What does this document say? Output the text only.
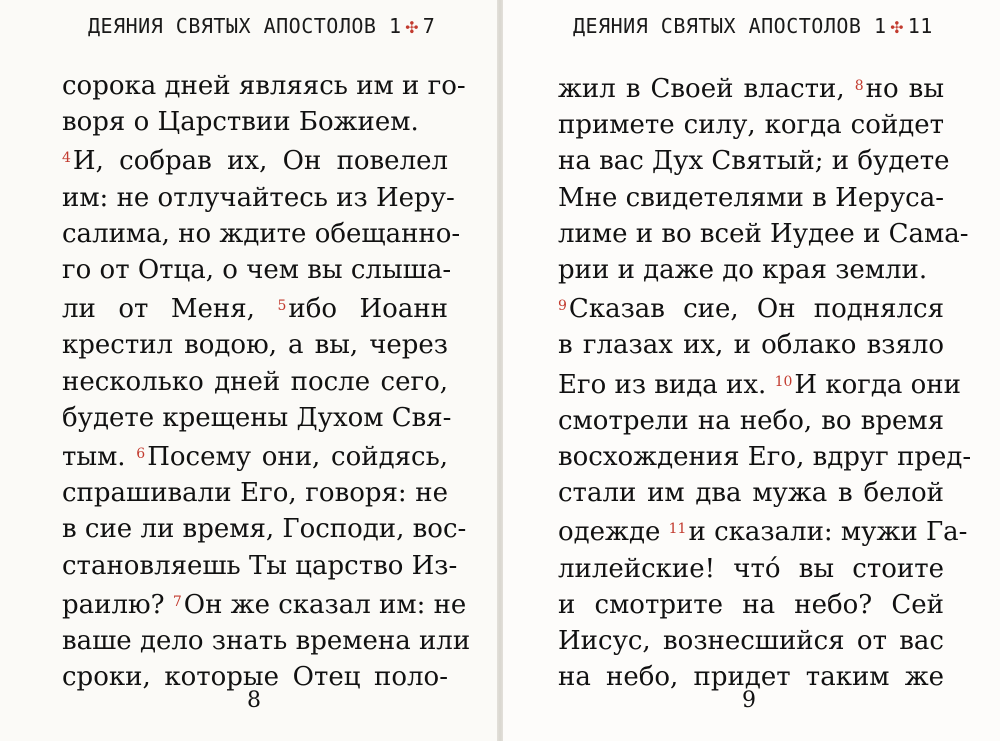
ДЕЯНИЯ СВЯТЫХ АПОСТОЛОВ 1 ✣ 7
сорока дней являясь им и го-
воря о Царствии Божием.
$^4$И, собрав их, Он повелел
им: не отлучайтесь из Иеру-
салима, но ждите обещанно-
го от Отца, о чем вы слыша-
ли от Меня, $^5$ибо Иоанн
крестил водою, а вы, через
несколько дней после сего,
будете крещены Духом Свя-
тым. $^6$Посему они, сойдясь,
спрашивали Его, говоря: не
в сие ли время, Господи, вос-
становляешь Ты царство Из-
раилю? $^7$Он же сказал им: не
ваше дело знать времена или
сроки, которые Отец поло-
8
ДЕЯНИЯ СВЯТЫХ АПОСТОЛОВ 1 ✣ 11
жил в Своей власти, $^8$но вы
примете силу, когда сойдет
на вас Дух Святый; и будете
Мне свидетелями в Иеруса-
лиме и во всей Иудее и Сама-
рии и даже до края земли.
$^9$Сказав сие, Он поднялся
в глазах их, и облако взяло
Его из вида их. $^{10}$И когда они
смотрели на небо, во время
восхождения Его, вдруг пред-
стали им два мужа в белой
одежде $^{11}$и сказали: мужи Га-
лилейские! что́ вы стоите
и смотрите на небо? Сей
Иисус, вознесшийся от вас
на небо, придет таким же
9
